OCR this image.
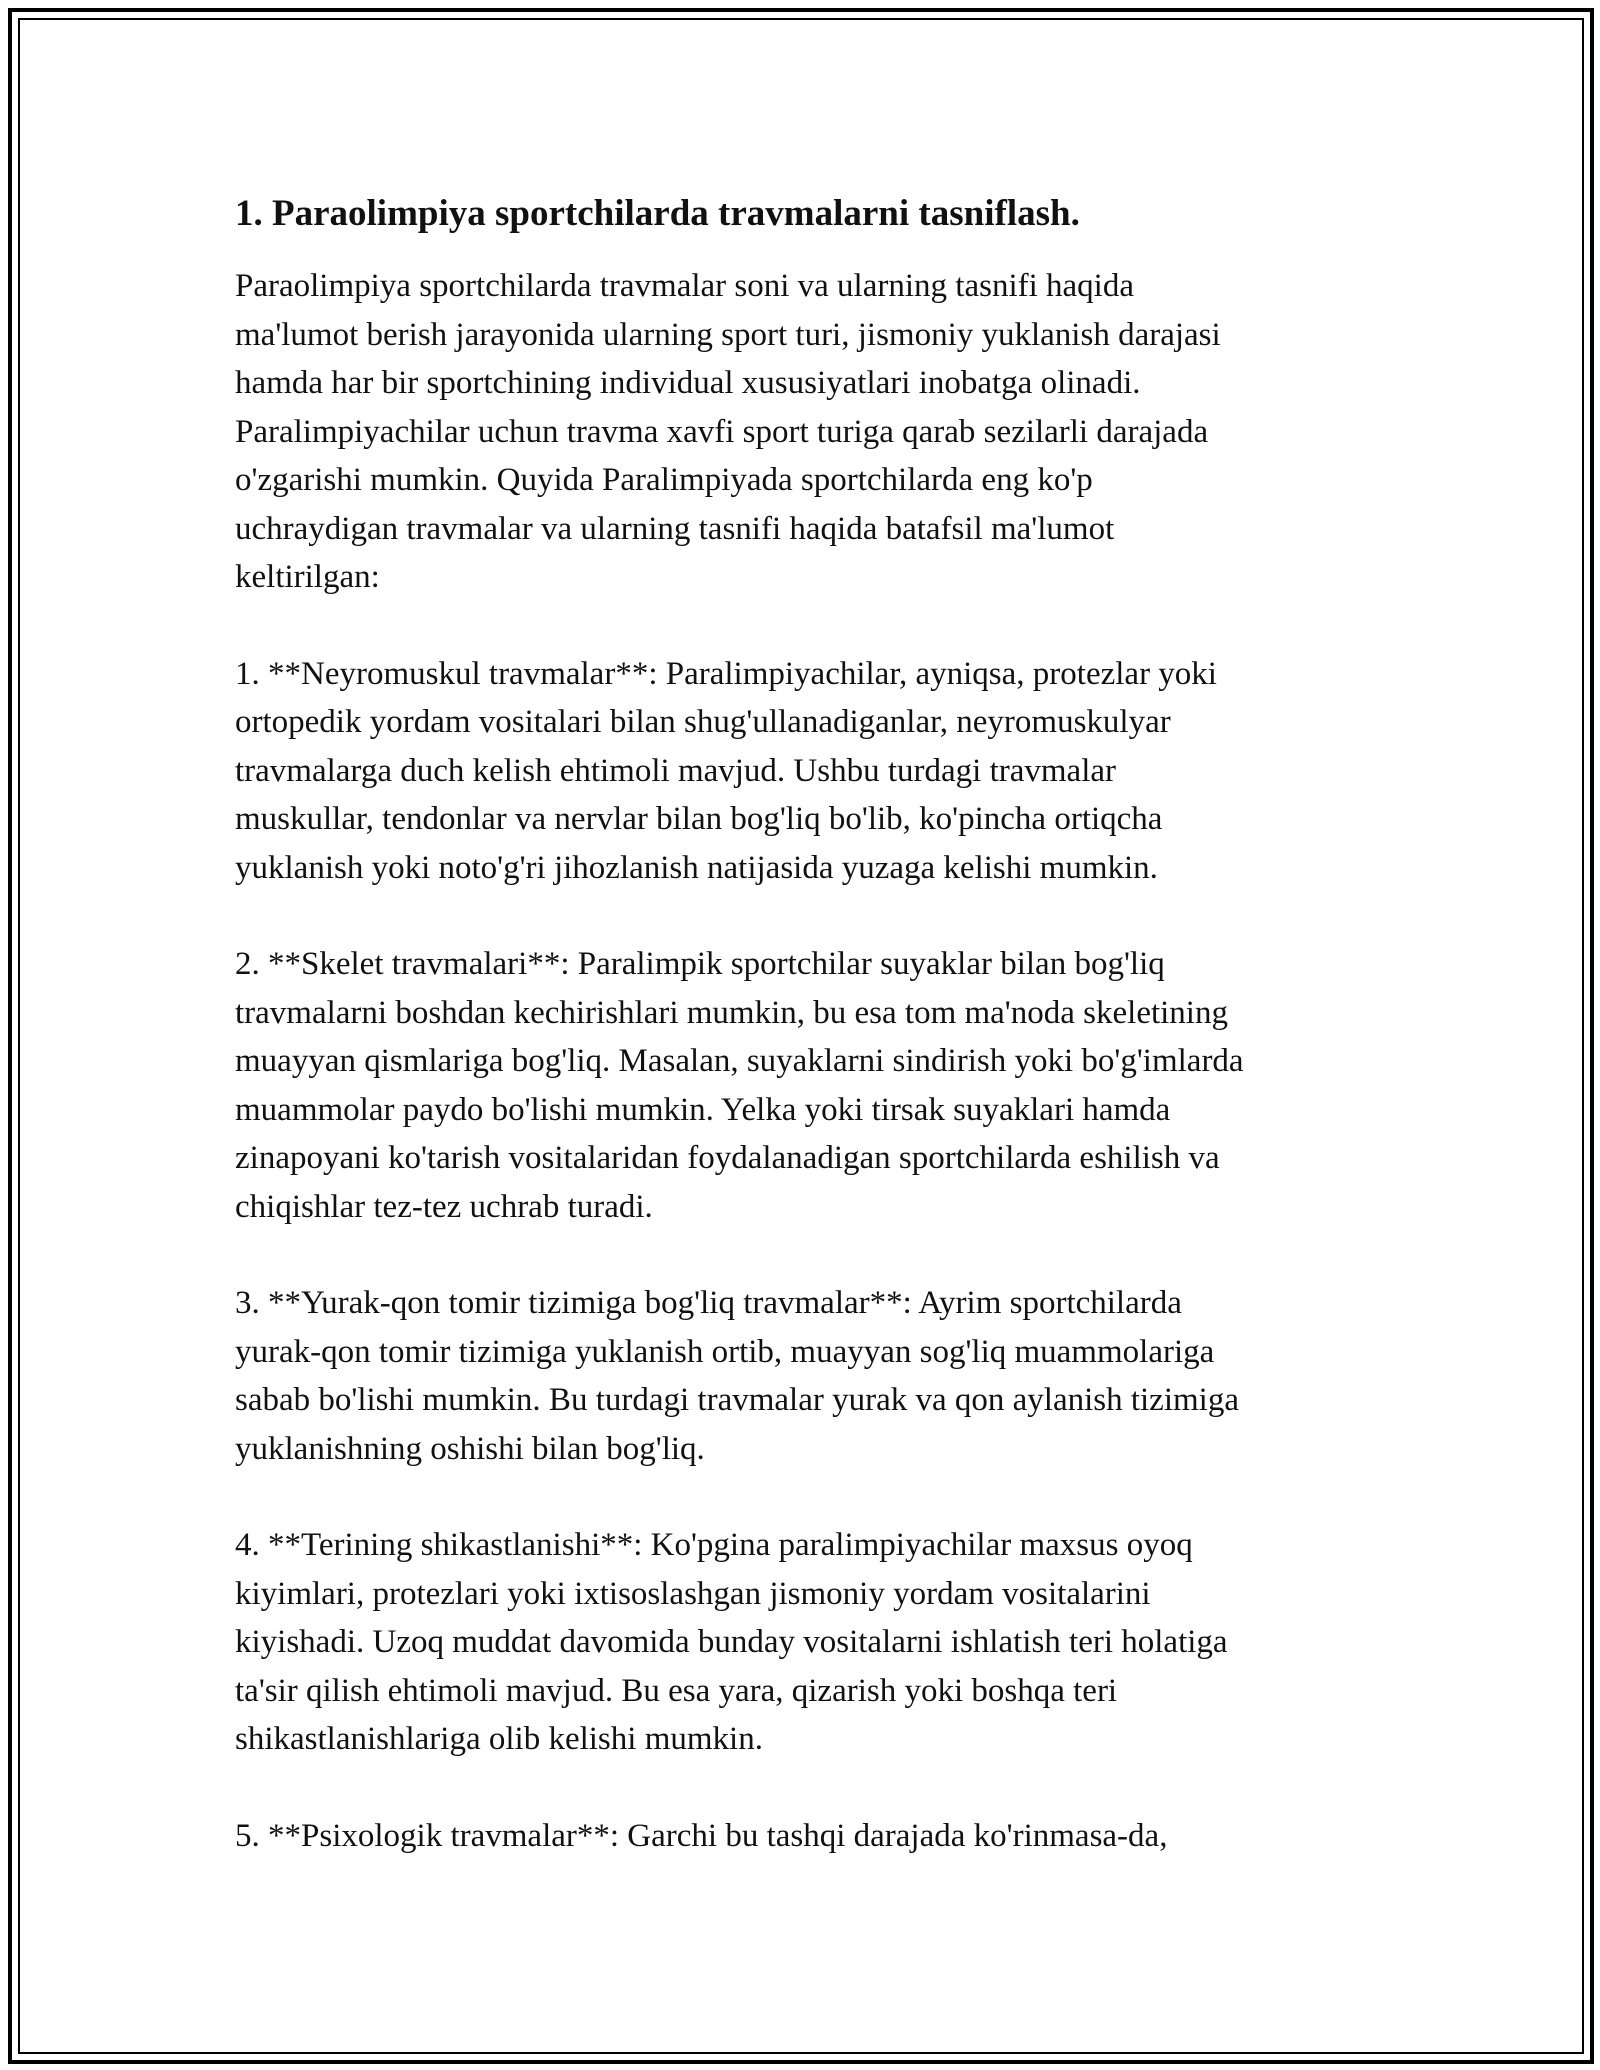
1. Paraolimpiya sportchilarda travmalarni tasniflash.

Paraolimpiya sportchilarda travmalar soni va ularning tasnifi haqida
ma'lumot berish jarayonida ularning sport turi, jismoniy yuklanish darajasi
hamda har bir sportchining individual xususiyatlari inobatga olinadi.
Paralimpiyachilar uchun travma xavfi sport turiga qarab sezilarli darajada
o'zgarishi mumkin. Quyida Paralimpiyada sportchilarda eng ko'p
uchraydigan travmalar va ularning tasnifi haqida batafsil ma'lumot
keltirilgan:

1. **Neyromuskul travmalar**: Paralimpiyachilar, ayniqsa, protezlar yoki
ortopedik yordam vositalari bilan shug'ullanadiganlar, neyromuskulyar
travmalarga duch kelish ehtimoli mavjud. Ushbu turdagi travmalar
muskullar, tendonlar va nervlar bilan bog'liq bo'lib, ko'pincha ortiqcha
yuklanish yoki noto'g'ri jihozlanish natijasida yuzaga kelishi mumkin.

2. **Skelet travmalari**: Paralimpik sportchilar suyaklar bilan bog'liq
travmalarni boshdan kechirishlari mumkin, bu esa tom ma'noda skeletining
muayyan qismlariga bog'liq. Masalan, suyaklarni sindirish yoki bo'g'imlarda
muammolar paydo bo'lishi mumkin. Yelka yoki tirsak suyaklari hamda
zinapoyani ko'tarish vositalaridan foydalanadigan sportchilarda eshilish va
chiqishlar tez-tez uchrab turadi.

3. **Yurak-qon tomir tizimiga bog'liq travmalar**: Ayrim sportchilarda
yurak-qon tomir tizimiga yuklanish ortib, muayyan sog'liq muammolariga
sabab bo'lishi mumkin. Bu turdagi travmalar yurak va qon aylanish tizimiga
yuklanishning oshishi bilan bog'liq.

4. **Terining shikastlanishi**: Ko'pgina paralimpiyachilar maxsus oyoq
kiyimlari, protezlari yoki ixtisoslashgan jismoniy yordam vositalarini
kiyishadi. Uzoq muddat davomida bunday vositalarni ishlatish teri holatiga
ta'sir qilish ehtimoli mavjud. Bu esa yara, qizarish yoki boshqa teri
shikastlanishlariga olib kelishi mumkin.

5. **Psixologik travmalar**: Garchi bu tashqi darajada ko'rinmasa-da,
